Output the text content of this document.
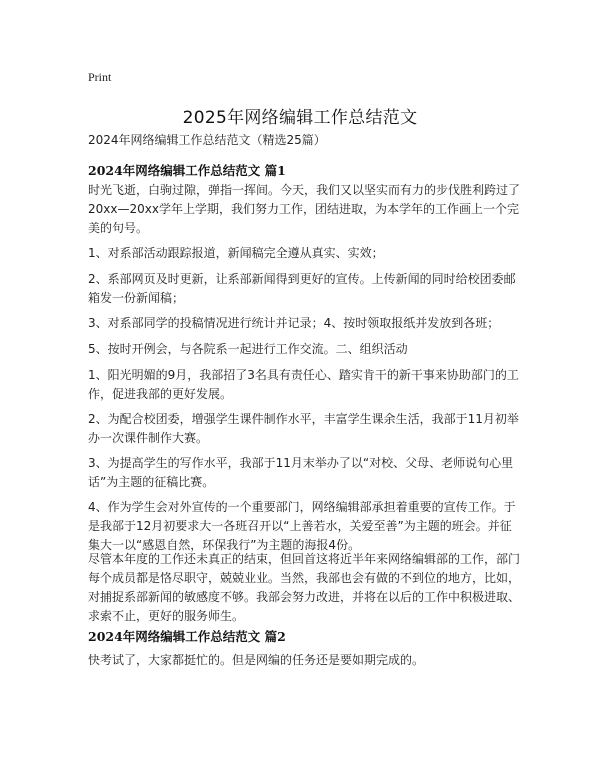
Print
2025年网络编辑工作总结范文
2024年网络编辑工作总结范文（精选25篇）
2024年网络编辑工作总结范文 篇1

时光飞逝，白驹过隙，弹指一挥间。今天，我们又以坚实而有力的步伐胜利跨过了20xx—20xx学年上学期，我们努力工作，团结进取，为本学年的工作画上一个完美的句号。

1、对系部活动跟踪报道，新闻稿完全遵从真实、实效；

2、系部网页及时更新，让系部新闻得到更好的宣传。上传新闻的同时给校团委邮箱发一份新闻稿；

3、对系部同学的投稿情况进行统计并记录；4、按时领取报纸并发放到各班；

5、按时开例会，与各院系一起进行工作交流。二、组织活动

1、阳光明媚的9月，我部招了3名具有责任心、踏实肯干的新干事来协助部门的工作，促进我部的更好发展。

2、为配合校团委，增强学生课件制作水平，丰富学生课余生活，我部于11月初举办一次课件制作大赛。

3、为提高学生的写作水平，我部于11月末举办了以“对校、父母、老师说句心里话”为主题的征稿比赛。

4、作为学生会对外宣传的一个重要部门，网络编辑部承担着重要的宣传工作。于是我部于12月初要求大一各班召开以“上善若水，关爱至善”为主题的班会。并征集大一以“感恩自然，环保我行”为主题的海报4份。

尽管本年度的工作还未真正的结束，但回首这将近半年来网络编辑部的工作，部门每个成员都是恪尽职守，兢兢业业。当然，我部也会有做的不到位的地方，比如，对捕捉系部新闻的敏感度不够。我部会努力改进，并将在以后的工作中积极进取、求索不止，更好的服务师生。

2024年网络编辑工作总结范文 篇2

快考试了，大家都挺忙的。但是网编的任务还是要如期完成的。
